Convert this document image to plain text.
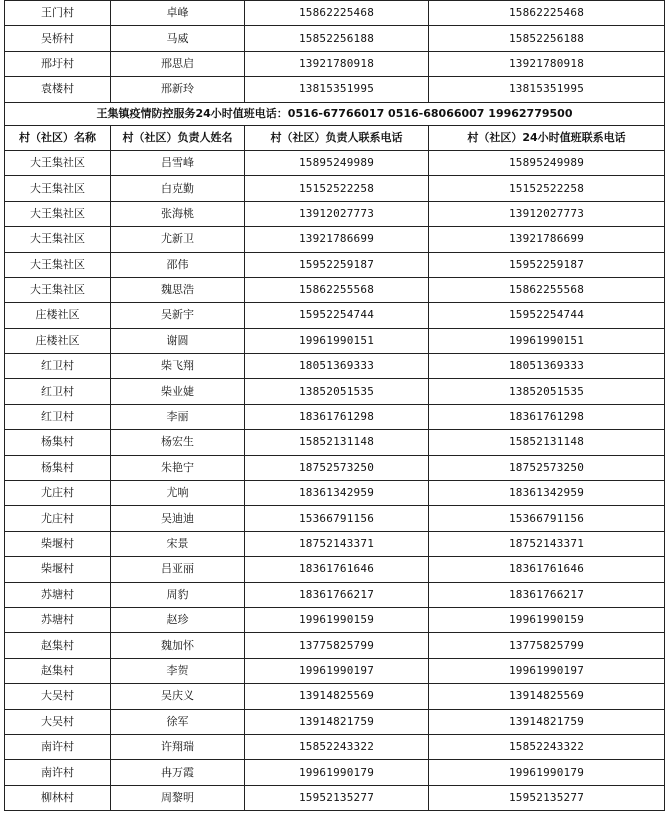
王门村	卓峰	15862225468	15862225468
吴桥村	马威	15852256188	15852256188
邢圩村	邢思启	13921780918	13921780918
袁楼村	邢新玲	13815351995	13815351995
王集镇疫情防控服务24小时值班电话：0516-67766017 0516-68066007 19962779500			
村（社区）名称	村（社区）负责人姓名	村（社区）负责人联系电话	村（社区）24小时值班联系电话
大王集社区	吕雪峰	15895249989	15895249989
大王集社区	白克勤	15152522258	15152522258
大王集社区	张海桃	13912027773	13912027773
大王集社区	尤新卫	13921786699	13921786699
大王集社区	邵伟	15952259187	15952259187
大王集社区	魏思浩	15862255568	15862255568
庄楼社区	吴新宇	15952254744	15952254744
庄楼社区	谢圆	19961990151	19961990151
红卫村	柴飞翔	18051369333	18051369333
红卫村	柴业婕	13852051535	13852051535
红卫村	李丽	18361761298	18361761298
杨集村	杨宏生	15852131148	15852131148
杨集村	朱艳宁	18752573250	18752573250
尤庄村	尤响	18361342959	18361342959
尤庄村	吴迪迪	15366791156	15366791156
柴堰村	宋景	18752143371	18752143371
柴堰村	吕亚丽	18361761646	18361761646
苏塘村	周豹	18361766217	18361766217
苏塘村	赵珍	19961990159	19961990159
赵集村	魏加怀	13775825799	13775825799
赵集村	李贺	19961990197	19961990197
大吴村	吴庆义	13914825569	13914825569
大吴村	徐军	13914821759	13914821759
南许村	许翔瑞	15852243322	15852243322
南许村	冉万霞	19961990179	19961990179
柳林村	周黎明	15952135277	15952135277
